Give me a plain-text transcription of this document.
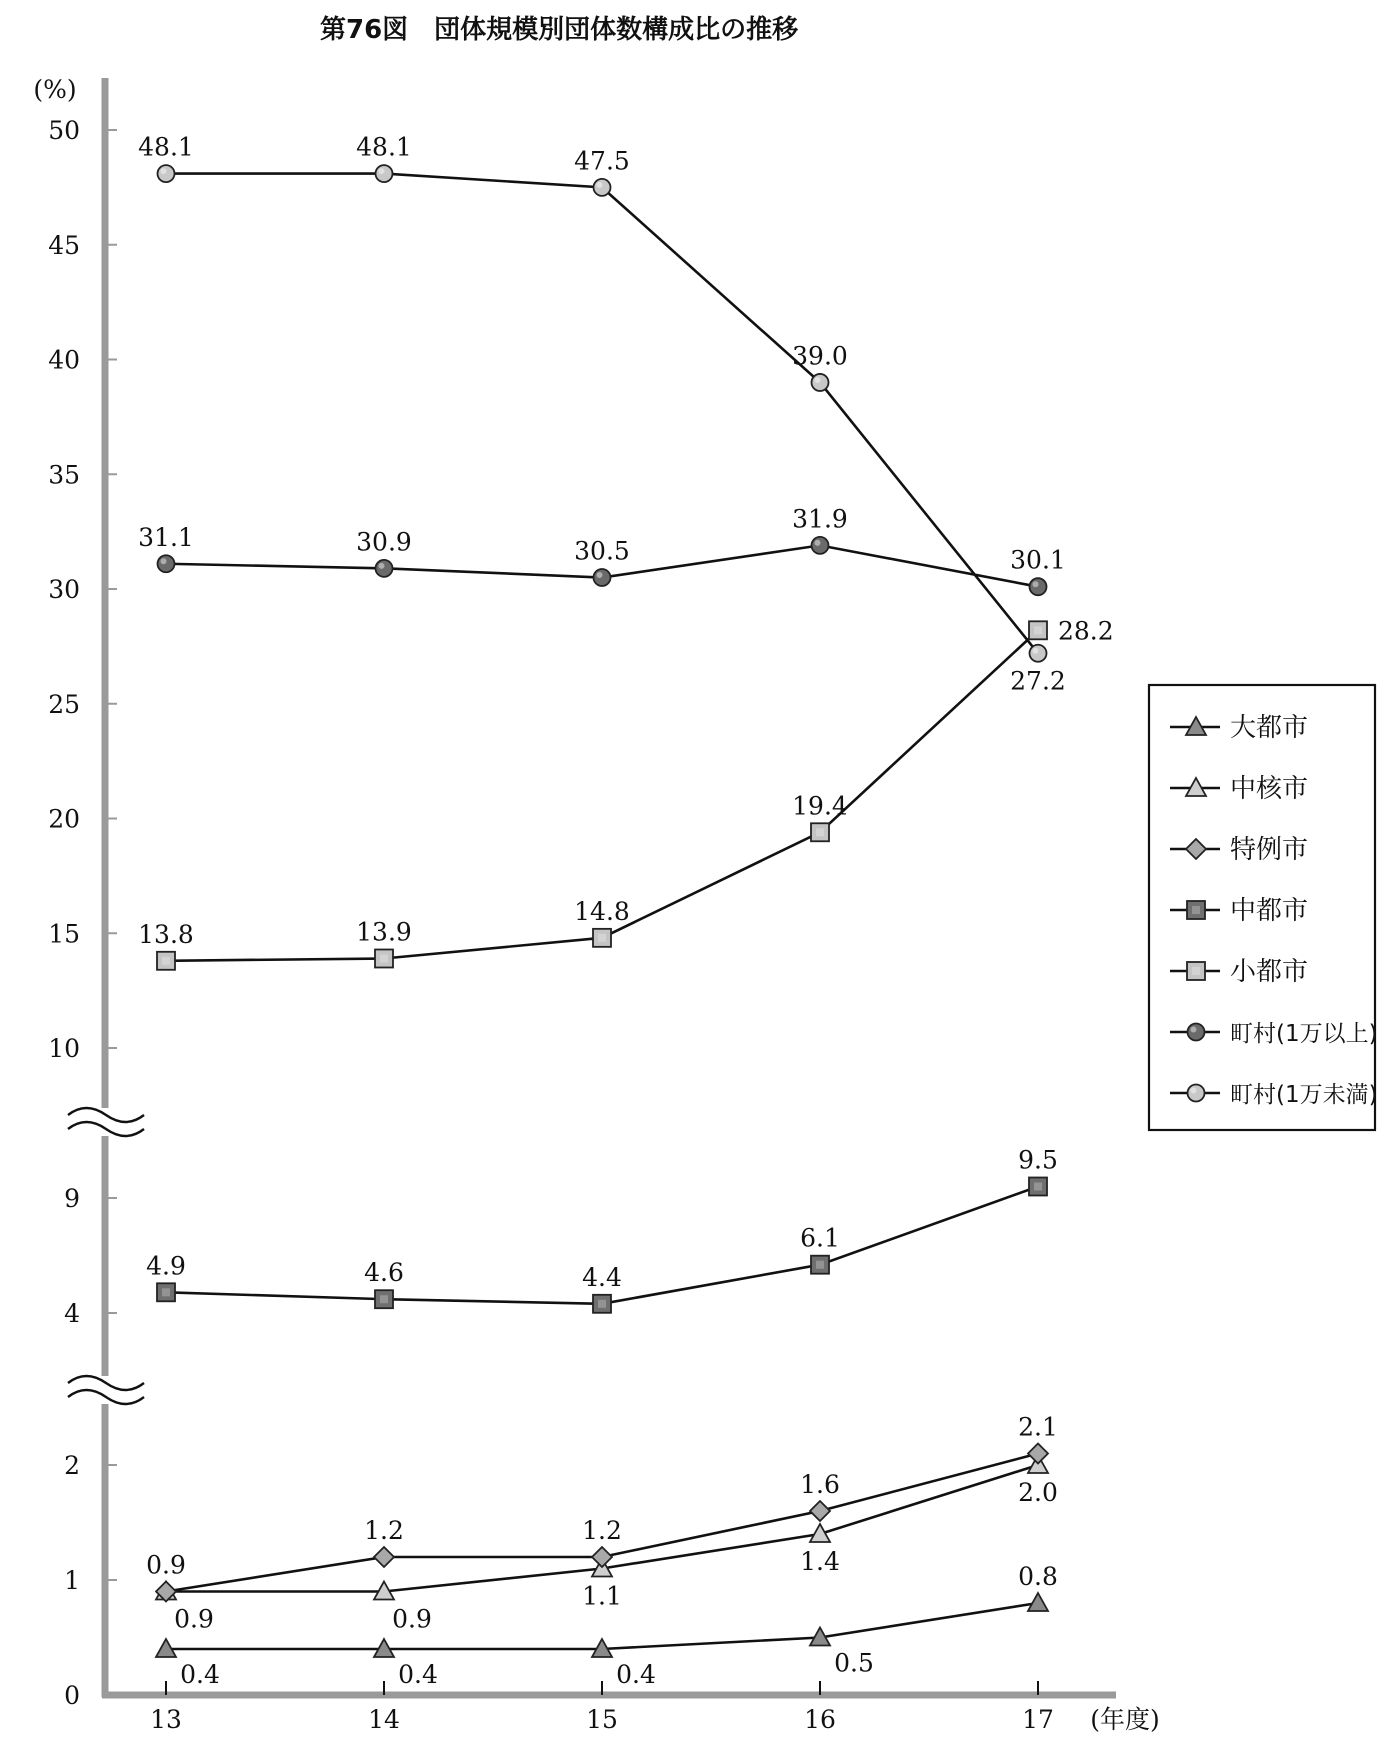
第76図　団体規模別団体数構成比の推移
(%)
(年度)
0
1
2
4
9
10
15
20
25
30
35
40
45
50
13	14	15	16	17
0.4	0.4	0.4	0.5
0.8
0.9	0.9
1.1
1.4
2.0
0.9
1.2	1.2
1.6
2.1
4.9	4.6	4.4
6.1
9.5
13.8	13.9
14.8
19.4
28.2
31.1	30.9	30.5
31.9
30.1
48.1	48.1	47.5
39.0
27.2
大都市
中核市
特例市
中都市
小都市
町村(1万以上)
町村(1万未満)
